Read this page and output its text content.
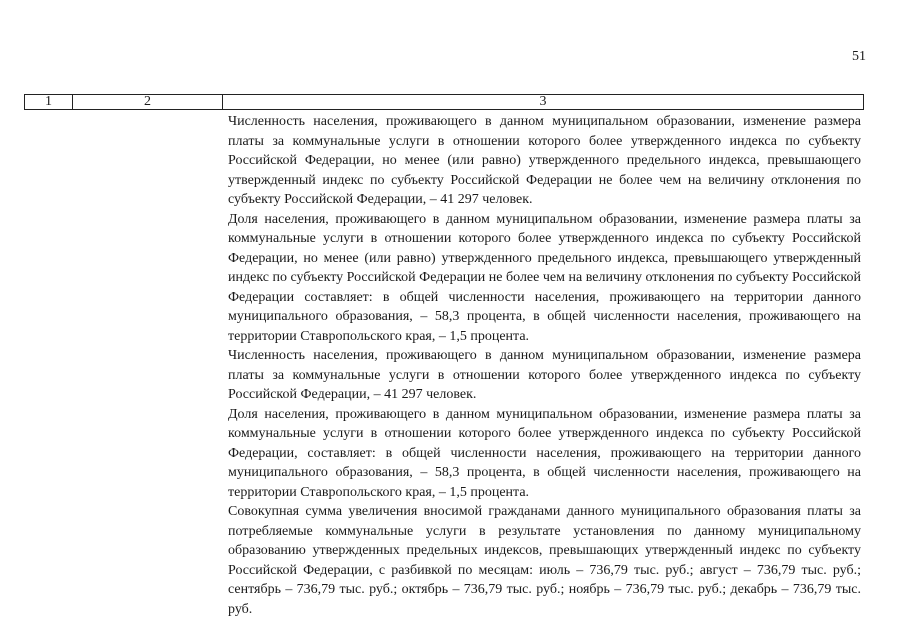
51
1	2	3

Численность населения, проживающего в данном муниципальном образовании, изменение размера платы за коммунальные услуги в отношении которого более утвержденного индекса по субъекту Российской Федерации, но менее (или равно) утвержденного предельного индекса, превышающего утвержденный индекс по субъекту Российской Федерации не более чем на величину отклонения по субъекту Российской Федерации, – 41 297 человек.

Доля населения, проживающего в данном муниципальном образовании, изменение размера платы за коммунальные услуги в отношении которого более утвержденного индекса по субъекту Российской Федерации, но менее (или равно) утвержденного предельного индекса, превышающего утвержденный индекс по субъекту Российской Федерации не более чем на величину отклонения по субъекту Российской Федерации составляет: в общей численности населения, проживающего на территории данного муниципального образования, – 58,3 процента, в общей численности населения, проживающего на территории Ставропольского края, – 1,5 процента.

Численность населения, проживающего в данном муниципальном образовании, изменение размера платы за коммунальные услуги в отношении которого более утвержденного индекса по субъекту Российской Федерации, – 41 297 человек.

Доля населения, проживающего в данном муниципальном образовании, изменение размера платы за коммунальные услуги в отношении которого более утвержденного индекса по субъекту Российской Федерации, составляет: в общей численности населения, проживающего на территории данного муниципального образования, – 58,3 процента, в общей численности населения, проживающего на территории Ставропольского края, – 1,5 процента.

Совокупная сумма увеличения вносимой гражданами данного муниципального образования платы за потребляемые коммунальные услуги в результате установления по данному муниципальному образованию утвержденных предельных индексов, превышающих утвержденный индекс по субъекту Российской Федерации, с разбивкой по месяцам: июль – 736,79 тыс. руб.; август – 736,79 тыс. руб.; сентябрь – 736,79 тыс. руб.; октябрь – 736,79 тыс. руб.; ноябрь – 736,79 тыс. руб.; декабрь – 736,79 тыс. руб.
